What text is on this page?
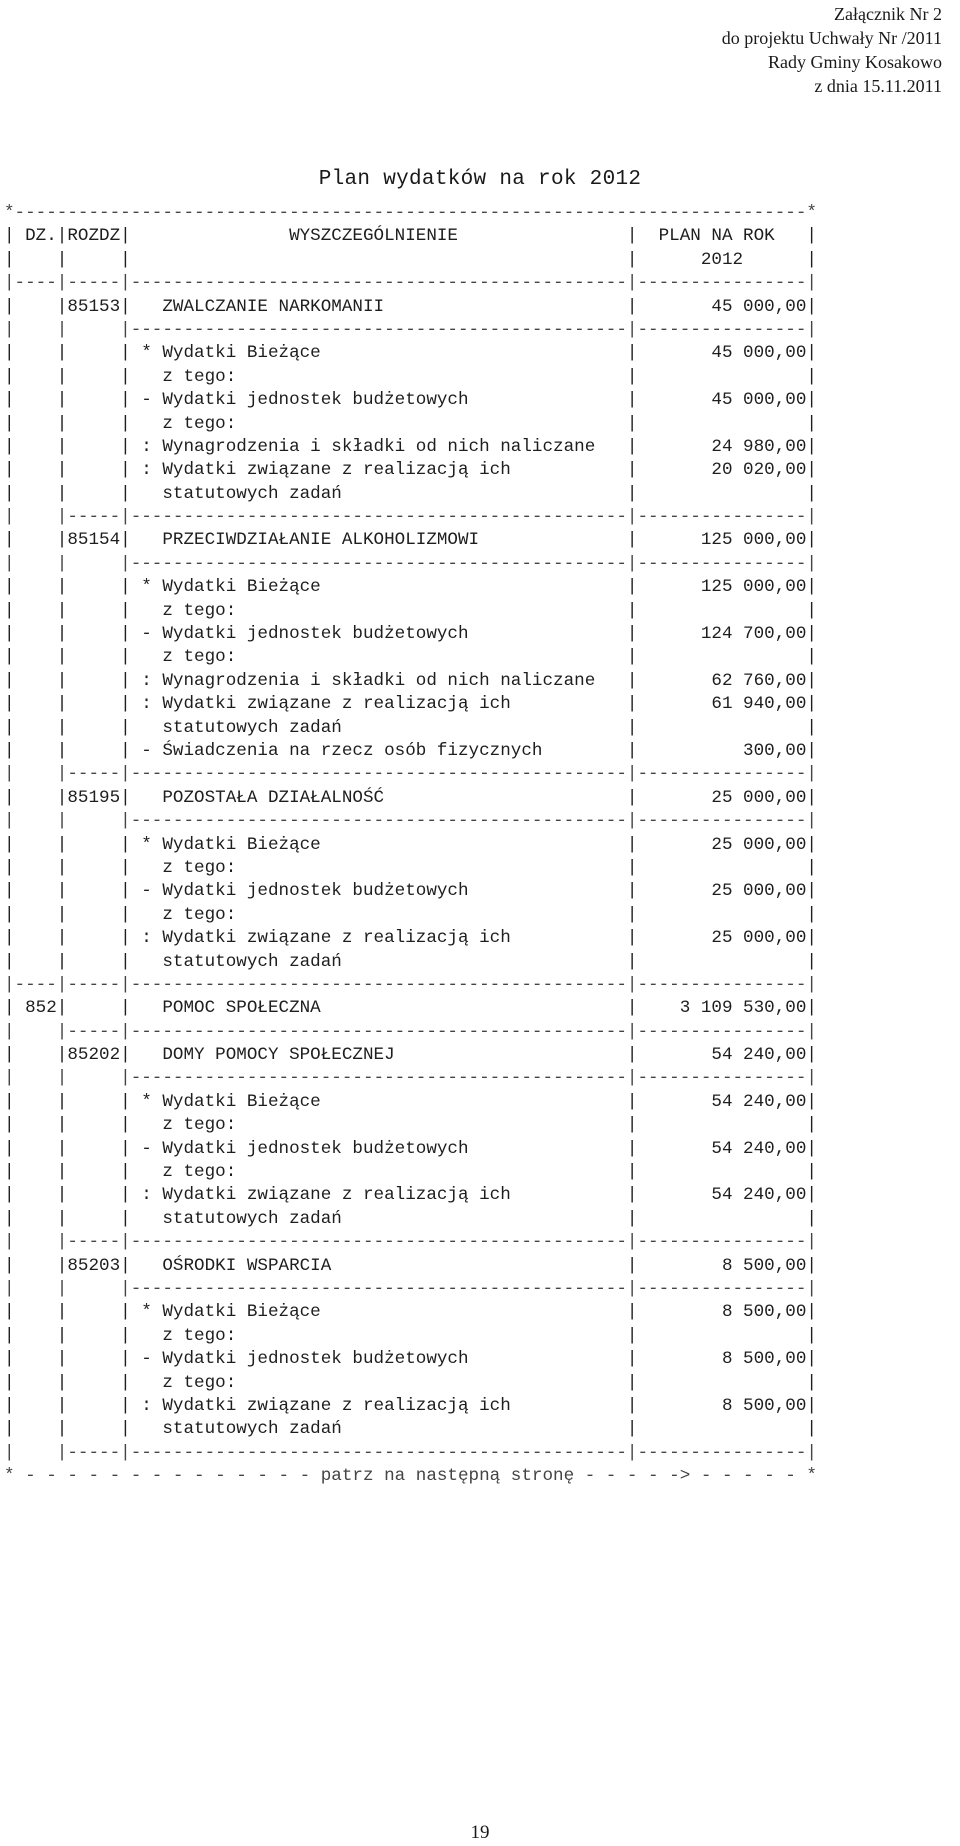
Załącznik Nr 2
do projektu Uchwały Nr /2011
Rady Gminy Kosakowo
z dnia 15.11.2011
Plan wydatków na rok 2012
*---------------------------------------------------------------------------*
| DZ.|ROZDZ|               WYSZCZEGÓLNIENIE                |  PLAN NA ROK   |
|    |     |                                               |      2012      |
|----|-----|-----------------------------------------------|----------------|
|    |85153|   ZWALCZANIE NARKOMANII                       |       45 000,00|
|    |     |-----------------------------------------------|----------------|
|    |     | * Wydatki Bieżące                             |       45 000,00|
|    |     |   z tego:                                     |                |
|    |     | - Wydatki jednostek budżetowych               |       45 000,00|
|    |     |   z tego:                                     |                |
|    |     | : Wynagrodzenia i składki od nich naliczane   |       24 980,00|
|    |     | : Wydatki związane z realizacją ich           |       20 020,00|
|    |     |   statutowych zadań                           |                |
|    |-----|-----------------------------------------------|----------------|
|    |85154|   PRZECIWDZIAŁANIE ALKOHOLIZMOWI              |      125 000,00|
|    |     |-----------------------------------------------|----------------|
|    |     | * Wydatki Bieżące                             |      125 000,00|
|    |     |   z tego:                                     |                |
|    |     | - Wydatki jednostek budżetowych               |      124 700,00|
|    |     |   z tego:                                     |                |
|    |     | : Wynagrodzenia i składki od nich naliczane   |       62 760,00|
|    |     | : Wydatki związane z realizacją ich           |       61 940,00|
|    |     |   statutowych zadań                           |                |
|    |     | - Świadczenia na rzecz osób fizycznych        |          300,00|
|    |-----|-----------------------------------------------|----------------|
|    |85195|   POZOSTAŁA DZIAŁALNOŚĆ                       |       25 000,00|
|    |     |-----------------------------------------------|----------------|
|    |     | * Wydatki Bieżące                             |       25 000,00|
|    |     |   z tego:                                     |                |
|    |     | - Wydatki jednostek budżetowych               |       25 000,00|
|    |     |   z tego:                                     |                |
|    |     | : Wydatki związane z realizacją ich           |       25 000,00|
|    |     |   statutowych zadań                           |                |
|----|-----|-----------------------------------------------|----------------|
| 852|     |   POMOC SPOŁECZNA                             |    3 109 530,00|
|    |-----|-----------------------------------------------|----------------|
|    |85202|   DOMY POMOCY SPOŁECZNEJ                      |       54 240,00|
|    |     |-----------------------------------------------|----------------|
|    |     | * Wydatki Bieżące                             |       54 240,00|
|    |     |   z tego:                                     |                |
|    |     | - Wydatki jednostek budżetowych               |       54 240,00|
|    |     |   z tego:                                     |                |
|    |     | : Wydatki związane z realizacją ich           |       54 240,00|
|    |     |   statutowych zadań                           |                |
|    |-----|-----------------------------------------------|----------------|
|    |85203|   OŚRODKI WSPARCIA                            |        8 500,00|
|    |     |-----------------------------------------------|----------------|
|    |     | * Wydatki Bieżące                             |        8 500,00|
|    |     |   z tego:                                     |                |
|    |     | - Wydatki jednostek budżetowych               |        8 500,00|
|    |     |   z tego:                                     |                |
|    |     | : Wydatki związane z realizacją ich           |        8 500,00|
|    |     |   statutowych zadań                           |                |
|    |-----|-----------------------------------------------|----------------|
* - - - - - - - - - - - - - - patrz na następną stronę - - - - -> - - - - - *
19
